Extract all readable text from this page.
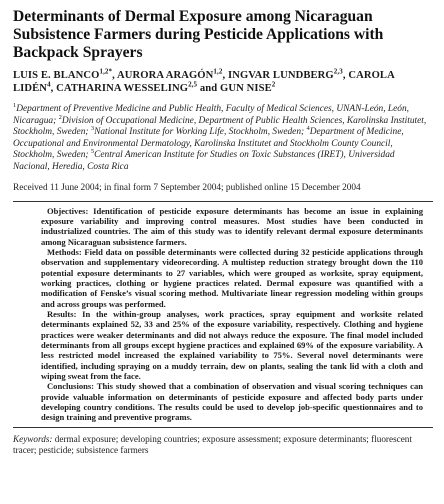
Determinants of Dermal Exposure among Nicaraguan Subsistence Farmers during Pesticide Applications with Backpack Sprayers
LUIS E. $BLANCO^{1,2*}$, AURORA ARAGÓN$^{1,2}$, INGVAR LUNDBERG$^{2,3}$, CAROLA LIDÉN$^4$, CATHARINA WESSELING$^{2,5}$ and GUN NISE$^2$
$^1$Department of Preventive Medicine and Public Health, Faculty of Medical Sciences, UNAN-León, León, Nicaragua; $^2$Division of Occupational Medicine, Department of Public Health Sciences, Karolinska Institutet, Stockholm, Sweden; $^3$National Institute for Working Life, Stockholm, Sweden; $^4$Department of Medicine, Occupational and Environmental Dermatology, Karolinska Institutet and Stockholm County Council, Stockholm, Sweden; $^5$Central American Institute for Studies on Toxic Substances (IRET), Universidad Nacional, Heredia, Costa Rica
Received 11 June 2004; in final form 7 September 2004; published online 15 December 2004

Objectives: Identification of pesticide exposure determinants has become an issue in explaining exposure variability and improving control measures. Most studies have been conducted in industrialized countries. The aim of this study was to identify relevant dermal exposure determinants among Nicaraguan subsistence farmers.

Methods: Field data on possible determinants were collected during 32 pesticide applications through observation and supplementary videorecording. A multistep reduction strategy brought down the 110 potential exposure determinants to 27 variables, which were grouped as worksite, spray equipment, working practices, clothing or hygiene practices related. Dermal exposure was quantified with a modification of Fenske’s visual scoring method. Multivariate linear regression modeling within groups and across groups was performed.

Results: In the within-group analyses, work practices, spray equipment and worksite related determinants explained 52, 33 and 25% of the exposure variability, respectively. Clothing and hygiene practices were weaker determinants and did not always reduce the exposure. The final model included determinants from all groups except hygiene practices and explained 69% of the exposure variability. A less restricted model increased the explained variability to 75%. Several novel determinants were identified, including spraying on a muddy terrain, dew on plants, sealing the tank lid with a cloth and wiping sweat from the face.

Conclusions: This study showed that a combination of observation and visual scoring techniques can provide valuable information on determinants of pesticide exposure and affected body parts under developing country conditions. The results could be used to develop job-specific questionnaires and to design training and preventive programs.

Keywords: dermal exposure; developing countries; exposure assessment; exposure determinants; fluorescent tracer; pesticide; subsistence farmers
